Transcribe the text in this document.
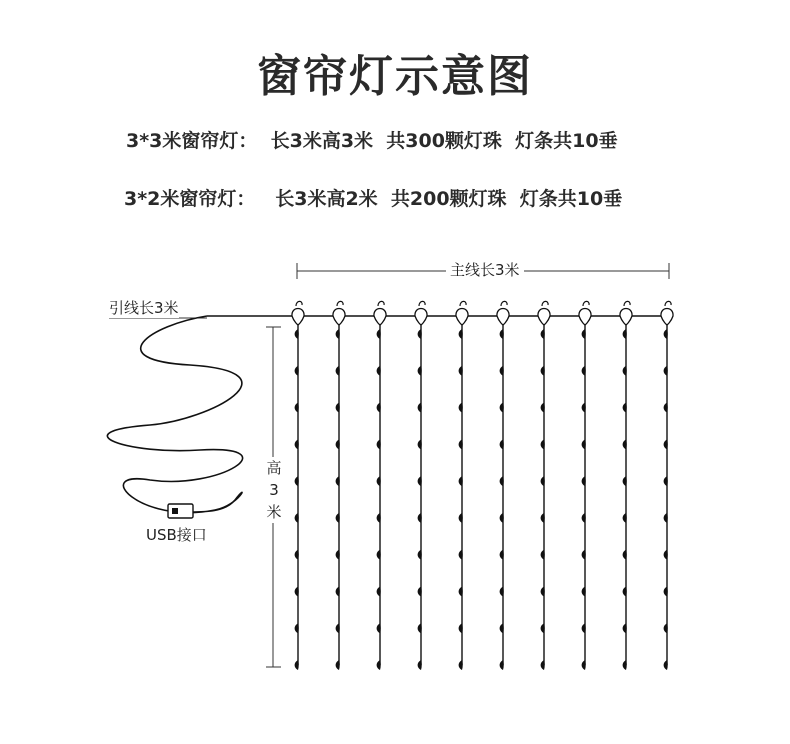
窗帘灯示意图
3*3米窗帘灯：  长3米高3米  共300颗灯珠  灯条共10垂
3*2米窗帘灯：   长3米高2米  共200颗灯珠  灯条共10垂
主线长3米
引线长3米
USB接口
高
3
米
